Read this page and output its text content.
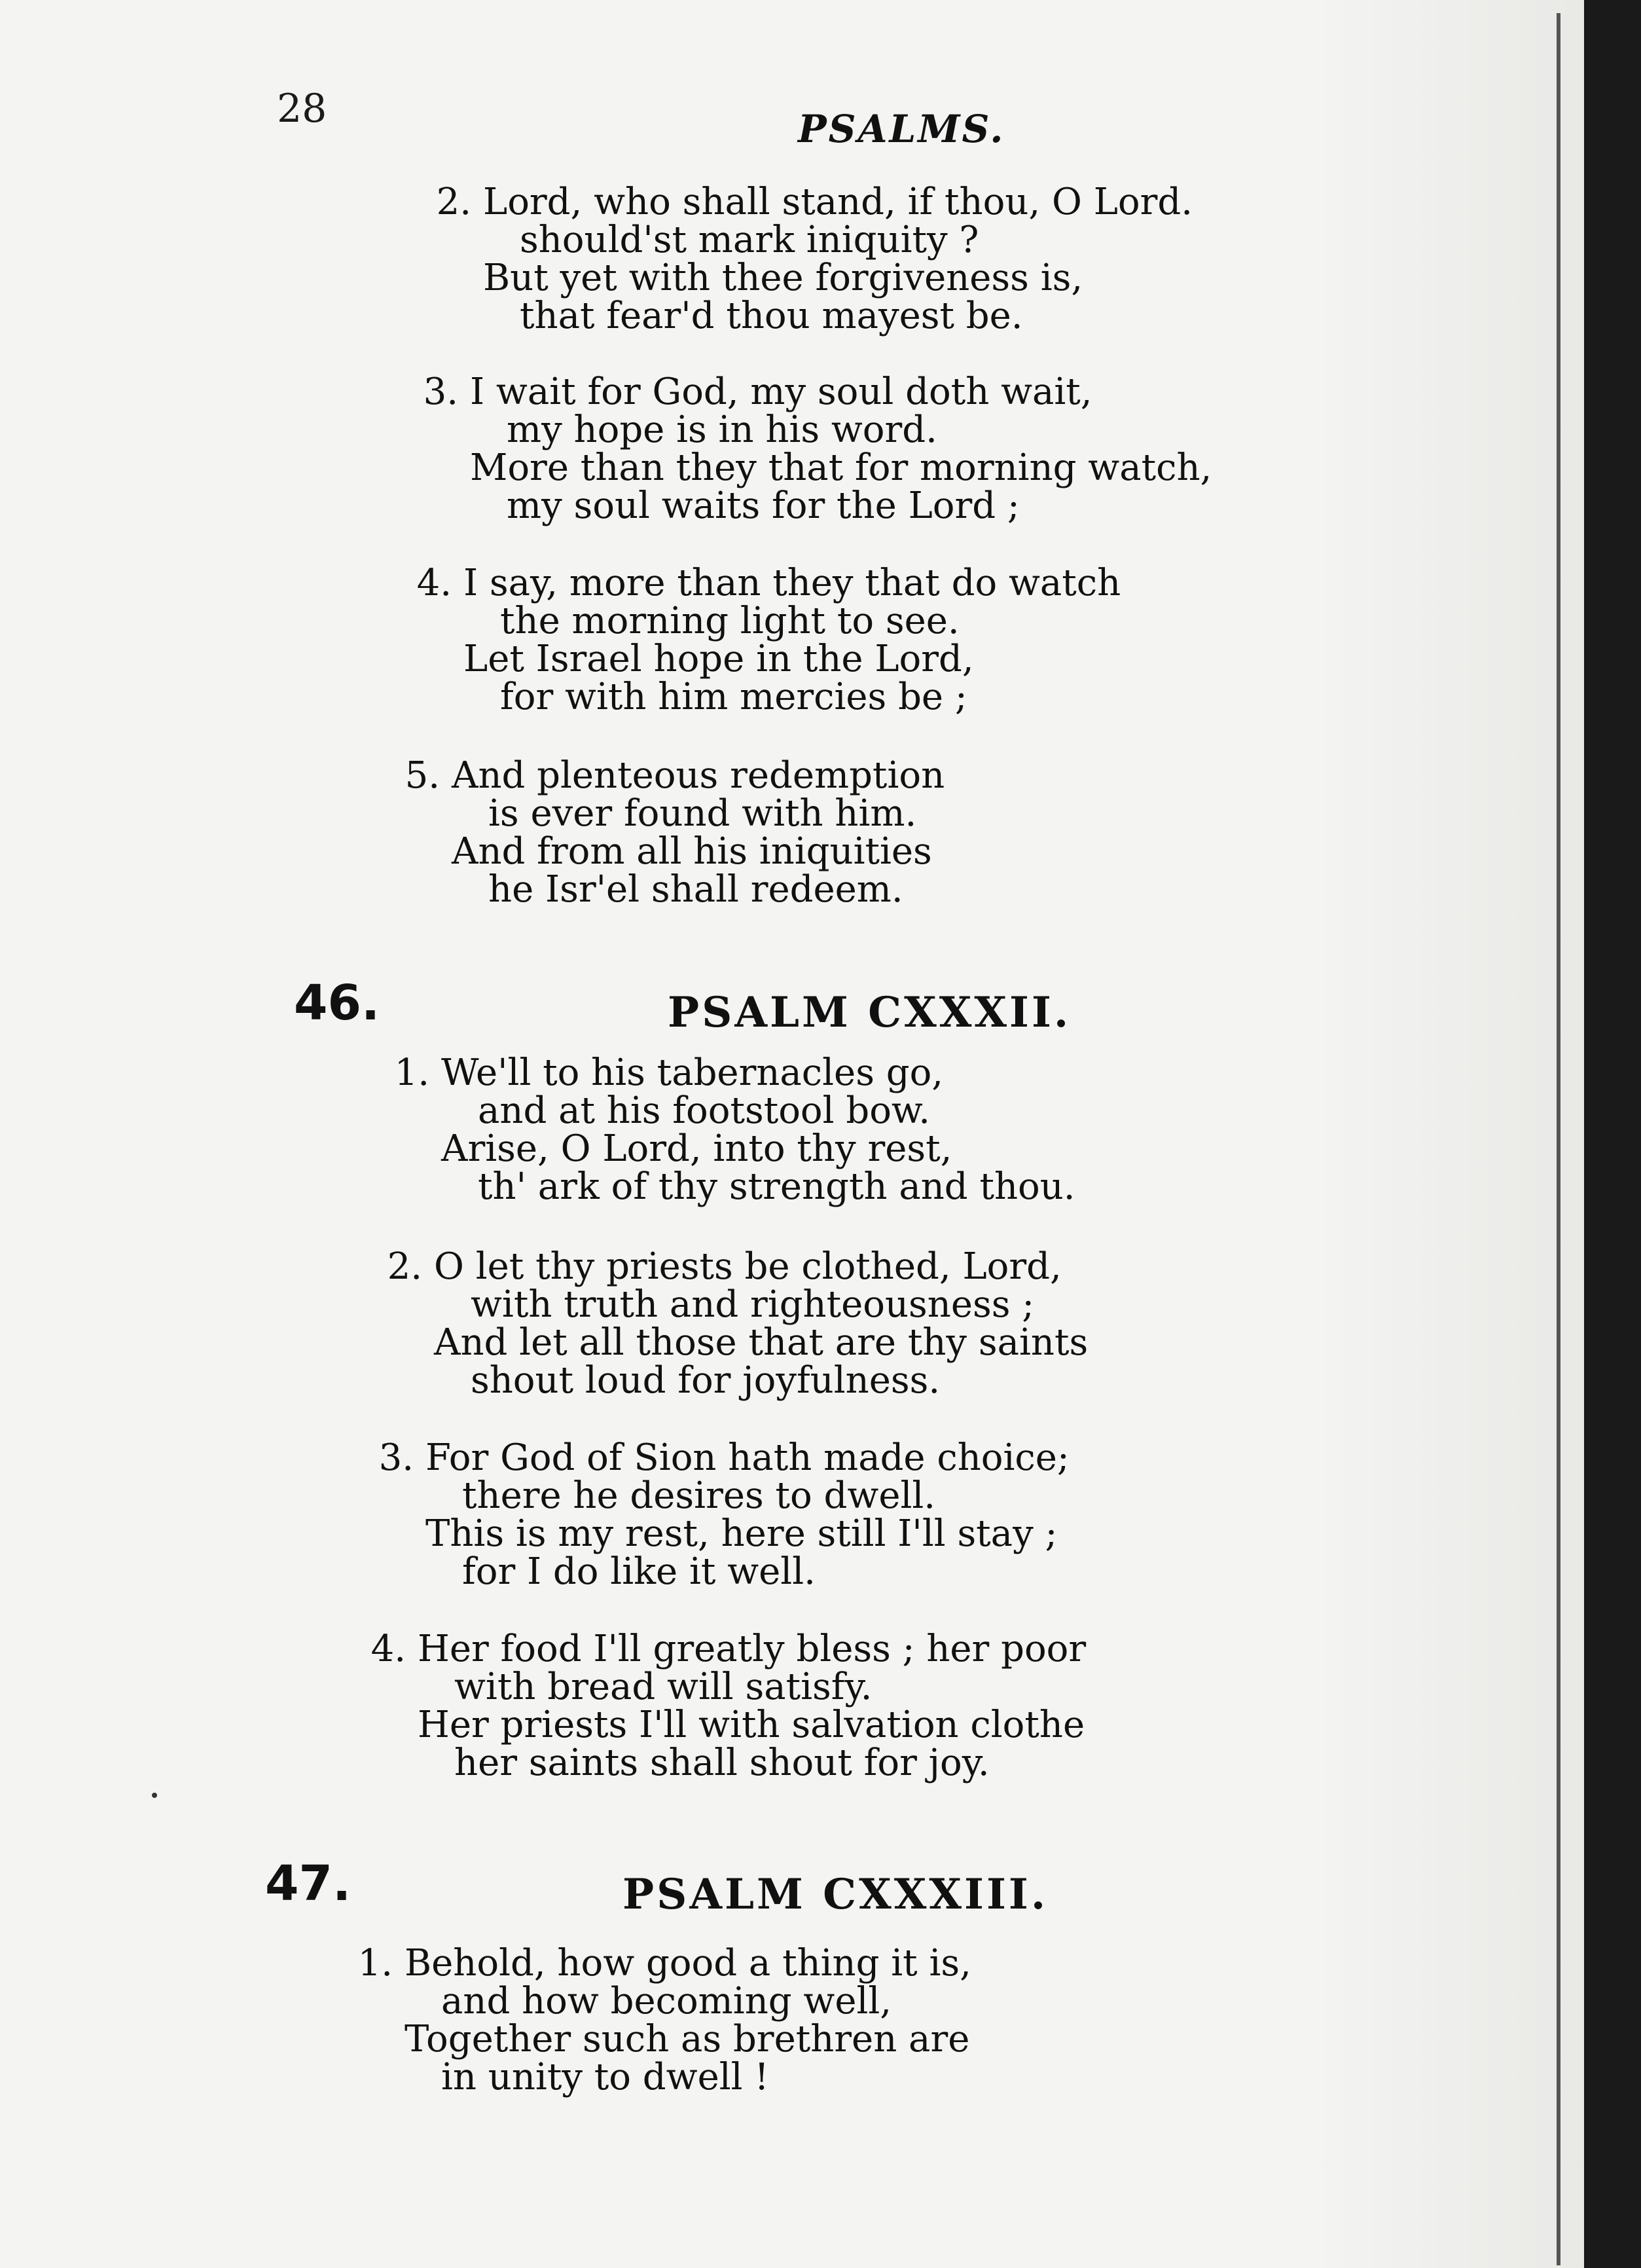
28	PSALMS.
2. Lord, who shall stand, if thou, O Lord.
should'st mark iniquity ?
But yet with thee forgiveness is,
that fear'd thou mayest be.
3. I wait for God, my soul doth wait,
my hope is in his word.
More than they that for morning watch,
my soul waits for the Lord ;
4. I say, more than they that do watch
the morning light to see.
Let Israel hope in the Lord,
for with him mercies be ;
5. And plenteous redemption
is ever found with him.
And from all his iniquities
he Isr'el shall redeem.
46.	PSALM CXXXII.
1. We'll to his tabernacles go,
and at his footstool bow.
Arise, O Lord, into thy rest,
th' ark of thy strength and thou.
2. O let thy priests be clothed, Lord,
with truth and righteousness ;
And let all those that are thy saints
shout loud for joyfulness.
3. For God of Sion hath made choice;
there he desires to dwell.
This is my rest, here still I'll stay ;
for I do like it well.
4. Her food I'll greatly bless ; her poor
with bread will satisfy.
Her priests I'll with salvation clothe
her saints shall shout for joy.
47.	PSALM CXXXIII.
1. Behold, how good a thing it is,
and how becoming well,
Together such as brethren are
in unity to dwell !
